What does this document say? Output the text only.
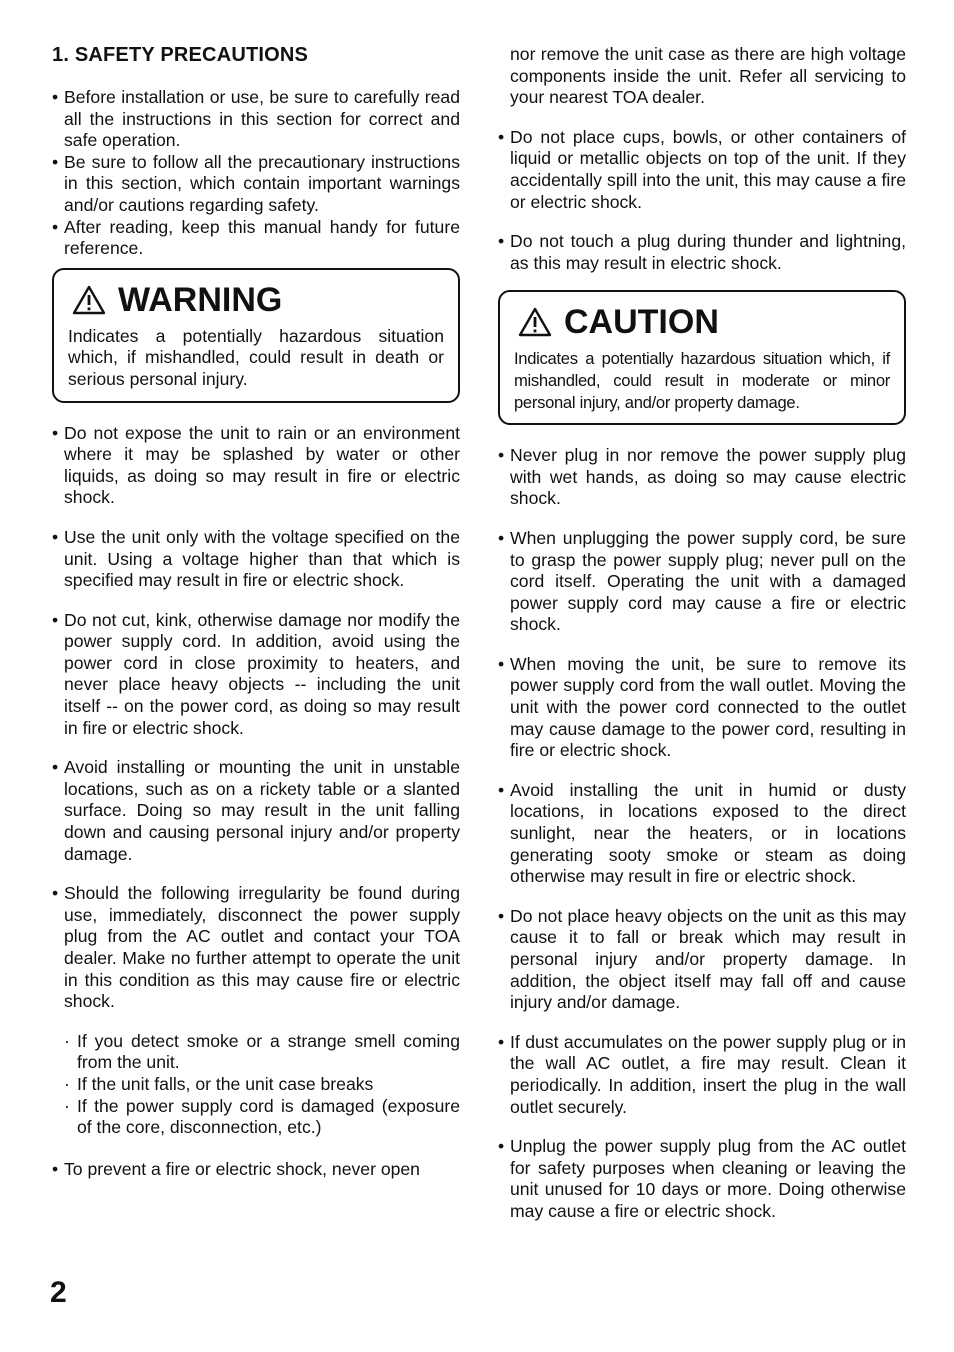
1. SAFETY PRECAUTIONS
• Before installation or use, be sure to carefully read all the instructions in this section for correct and safe operation.
• Be sure to follow all the precautionary instructions in this section, which contain important warnings and/or cautions regarding safety.
• After reading, keep this manual handy for future reference.
WARNING
Indicates a potentially hazardous situation which, if mishandled, could result in death or serious personal injury.
• Do not expose the unit to rain or an environment where it may be splashed by water or other liquids, as doing so may result in fire or electric shock.
• Use the unit only with the voltage specified on the unit. Using a voltage higher than that which is specified may result in fire or electric shock.
• Do not cut, kink, otherwise damage nor modify the power supply cord. In addition, avoid using the power cord in close proximity to heaters, and never place heavy objects -- including the unit itself -- on the power cord, as doing so may result in fire or electric shock.
• Avoid installing or mounting the unit in unstable locations, such as on a rickety table or a slanted surface. Doing so may result in the unit falling down and causing personal injury and/or property damage.
• Should the following irregularity be found during use, immediately, disconnect the power supply plug from the AC outlet and contact your TOA dealer. Make no further attempt to operate the unit in this condition as this may cause fire or electric shock.
· If you detect smoke or a strange smell coming from the unit.
· If the unit falls, or the unit case breaks
· If the power supply cord is damaged (exposure of the core, disconnection, etc.)
• To prevent a fire or electric shock, never open
nor remove the unit case as there are high voltage components inside the unit. Refer all servicing to your nearest TOA dealer.
• Do not place cups, bowls, or other containers of liquid or metallic objects on top of the unit. If they accidentally spill into the unit, this may cause a fire or electric shock.
• Do not touch a plug during thunder and lightning, as this may result in electric shock.
CAUTION
Indicates a potentially hazardous situation which, if mishandled, could result in moderate or minor personal injury, and/or property damage.
• Never plug in nor remove the power supply plug with wet hands, as doing so may cause electric shock.
• When unplugging the power supply cord, be sure to grasp the power supply plug; never pull on the cord itself. Operating the unit with a damaged power supply cord may cause a fire or electric shock.
• When moving the unit, be sure to remove its power supply cord from the wall outlet. Moving the unit with the power cord connected to the outlet may cause damage to the power cord, resulting in fire or electric shock.
• Avoid installing the unit in humid or dusty locations, in locations exposed to the direct sunlight, near the heaters, or in locations generating sooty smoke or steam as doing otherwise may result in fire or electric shock.
• Do not place heavy objects on the unit as this may cause it to fall or break which may result in personal injury and/or property damage. In addition, the object itself may fall off and cause injury and/or damage.
• If dust accumulates on the power supply plug or in the wall AC outlet, a fire may result. Clean it periodically. In addition, insert the plug in the wall outlet securely.
• Unplug the power supply plug from the AC outlet for safety purposes when cleaning or leaving the unit unused for 10 days or more. Doing otherwise may cause a fire or electric shock.
2
